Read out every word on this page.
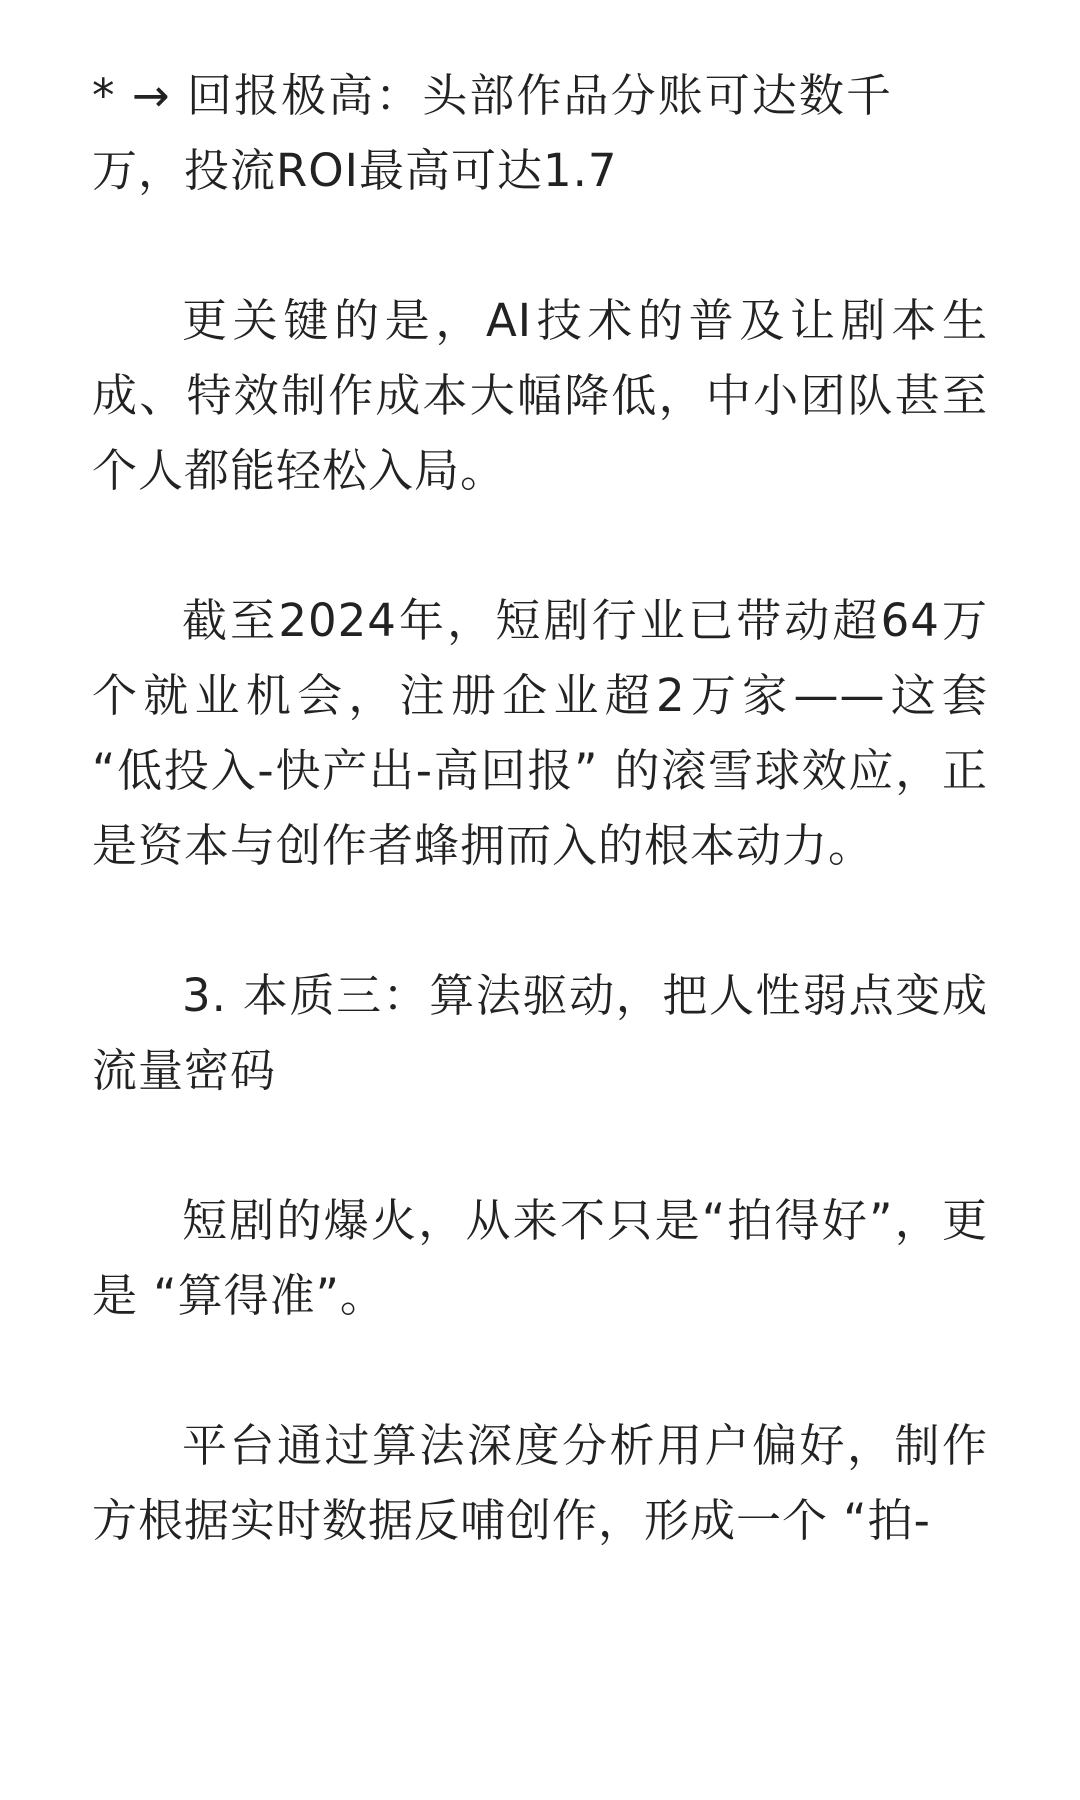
* → 回报极高：头部作品分账可达数千万，投流ROI最高可达1.7

更关键的是，AI技术的普及让剧本生成、特效制作成本大幅降低，中小团队甚至个人都能轻松入局。

截至2024年，短剧行业已带动超64万个就业机会，注册企业超2万家——这套 “低投入-快产出-高回报” 的滚雪球效应，正是资本与创作者蜂拥而入的根本动力。

3. 本质三：算法驱动，把人性弱点变成流量密码

短剧的爆火，从来不只是“拍得好”，更是 “算得准”。

平台通过算法深度分析用户偏好，制作方根据实时数据反哺创作，形成一个 “拍-
